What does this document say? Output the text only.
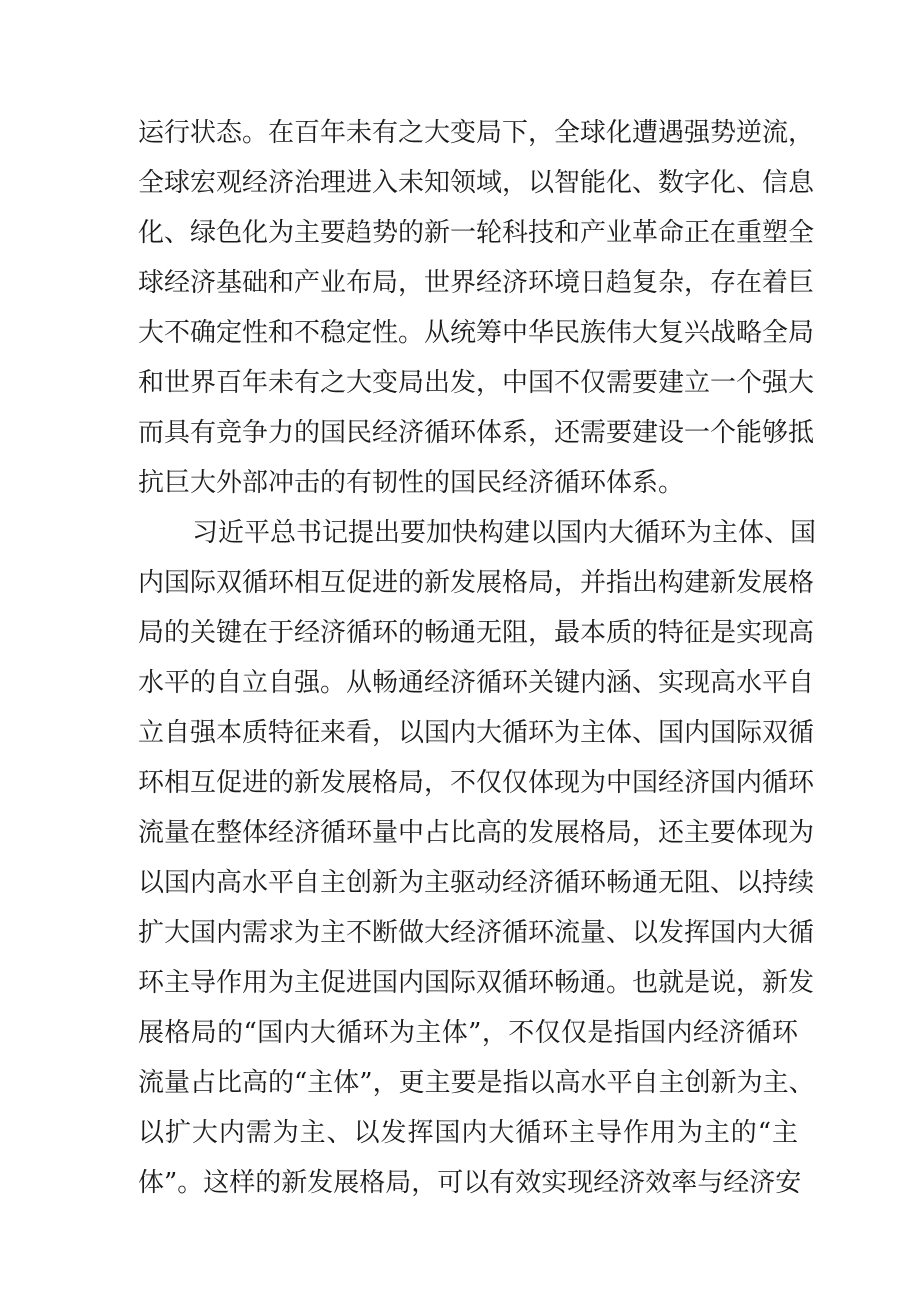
运行状态。在百年未有之大变局下，全球化遭遇强势逆流，
全球宏观经济治理进入未知领域，以智能化、数字化、信息
化、绿色化为主要趋势的新一轮科技和产业革命正在重塑全
球经济基础和产业布局，世界经济环境日趋复杂，存在着巨
大不确定性和不稳定性。从统筹中华民族伟大复兴战略全局
和世界百年未有之大变局出发，中国不仅需要建立一个强大
而具有竞争力的国民经济循环体系，还需要建设一个能够抵
抗巨大外部冲击的有韧性的国民经济循环体系。
习近平总书记提出要加快构建以国内大循环为主体、国
内国际双循环相互促进的新发展格局，并指出构建新发展格
局的关键在于经济循环的畅通无阻，最本质的特征是实现高
水平的自立自强。从畅通经济循环关键内涵、实现高水平自
立自强本质特征来看，以国内大循环为主体、国内国际双循
环相互促进的新发展格局，不仅仅体现为中国经济国内循环
流量在整体经济循环量中占比高的发展格局，还主要体现为
以国内高水平自主创新为主驱动经济循环畅通无阻、以持续
扩大国内需求为主不断做大经济循环流量、以发挥国内大循
环主导作用为主促进国内国际双循环畅通。也就是说，新发
展格局的“国内大循环为主体”，不仅仅是指国内经济循环
流量占比高的“主体”，更主要是指以高水平自主创新为主、
以扩大内需为主、以发挥国内大循环主导作用为主的“主
体”。这样的新发展格局，可以有效实现经济效率与经济安
